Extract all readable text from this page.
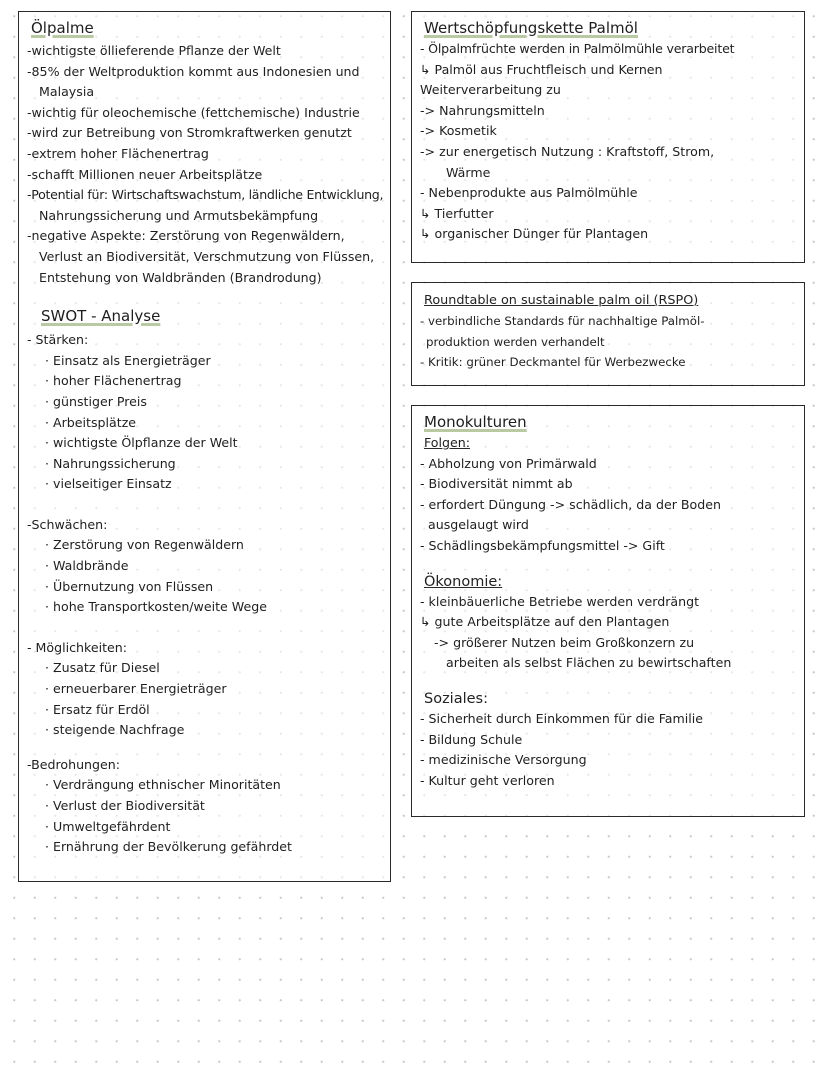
Ölpalme
-wichtigste öllieferende Pflanze der Welt
-85% der Weltproduktion kommt aus Indonesien und
Malaysia
-wichtig für oleochemische (fettchemische) Industrie
-wird zur Betreibung von Stromkraftwerken genutzt
-extrem hoher Flächenertrag
-schafft Millionen neuer Arbeitsplätze
-Potential für: Wirtschaftswachstum, ländliche Entwicklung,
Nahrungssicherung und Armutsbekämpfung
-negative Aspekte: Zerstörung von Regenwäldern,
Verlust an Biodiversität, Verschmutzung von Flüssen,
Entstehung von Waldbränden (Brandrodung)
SWOT - Analyse
- Stärken:
· Einsatz als Energieträger
· hoher Flächenertrag
· günstiger Preis
· Arbeitsplätze
· wichtigste Ölpflanze der Welt
· Nahrungssicherung
· vielseitiger Einsatz
-Schwächen:
· Zerstörung von Regenwäldern
· Waldbrände
· Übernutzung von Flüssen
· hohe Transportkosten/weite Wege
- Möglichkeiten:
· Zusatz für Diesel
· erneuerbarer Energieträger
· Ersatz für Erdöl
· steigende Nachfrage
-Bedrohungen:
· Verdrängung ethnischer Minoritäten
· Verlust der Biodiversität
· Umweltgefährdent
· Ernährung der Bevölkerung gefährdet
Wertschöpfungskette Palmöl
- Ölpalmfrüchte werden in Palmölmühle verarbeitet
↳ Palmöl aus Fruchtfleisch und Kernen
Weiterverarbeitung zu
-> Nahrungsmitteln
-> Kosmetik
-> zur energetisch Nutzung : Kraftstoff, Strom,
Wärme
- Nebenprodukte aus Palmölmühle
↳ Tierfutter
↳ organischer Dünger für Plantagen
Roundtable on sustainable palm oil (RSPO)
- verbindliche Standards für nachhaltige Palmöl-
produktion werden verhandelt
- Kritik: grüner Deckmantel für Werbezwecke
Monokulturen
Folgen:
- Abholzung von Primärwald
- Biodiversität nimmt ab
- erfordert Düngung -> schädlich, da der Boden
ausgelaugt wird
- Schädlingsbekämpfungsmittel -> Gift
Ökonomie:
- kleinbäuerliche Betriebe werden verdrängt
↳ gute Arbeitsplätze auf den Plantagen
-> größerer Nutzen beim Großkonzern zu
arbeiten als selbst Flächen zu bewirtschaften
Soziales:
- Sicherheit durch Einkommen für die Familie
- Bildung Schule
- medizinische Versorgung
- Kultur geht verloren
